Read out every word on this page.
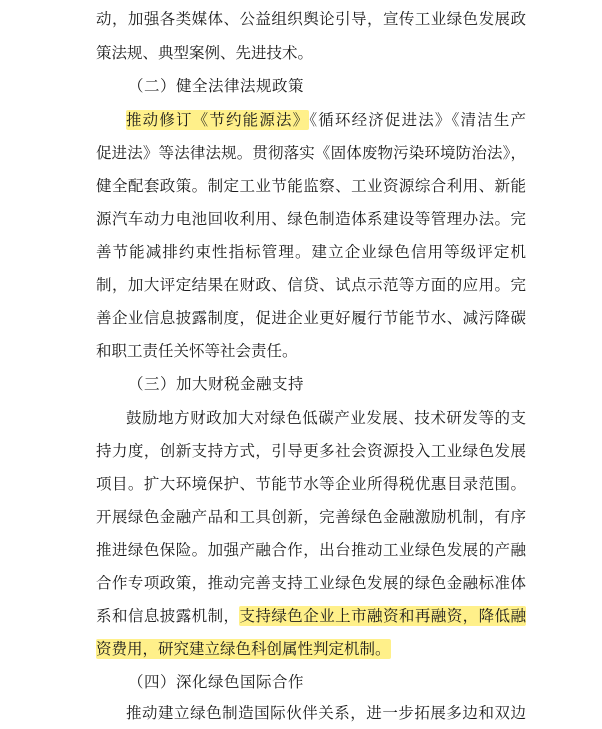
动，加强各类媒体、公益组织舆论引导，宣传工业绿色发展政
策法规、典型案例、先进技术。
（二）健全法律法规政策
推动修订《节约能源法》《循环经济促进法》《清洁生产
促进法》等法律法规。贯彻落实《固体废物污染环境防治法》，
健全配套政策。制定工业节能监察、工业资源综合利用、新能
源汽车动力电池回收利用、绿色制造体系建设等管理办法。完
善节能减排约束性指标管理。建立企业绿色信用等级评定机
制，加大评定结果在财政、信贷、试点示范等方面的应用。完
善企业信息披露制度，促进企业更好履行节能节水、减污降碳
和职工责任关怀等社会责任。
（三）加大财税金融支持
鼓励地方财政加大对绿色低碳产业发展、技术研发等的支
持力度，创新支持方式，引导更多社会资源投入工业绿色发展
项目。扩大环境保护、节能节水等企业所得税优惠目录范围。
开展绿色金融产品和工具创新，完善绿色金融激励机制，有序
推进绿色保险。加强产融合作，出台推动工业绿色发展的产融
合作专项政策，推动完善支持工业绿色发展的绿色金融标准体
系和信息披露机制，支持绿色企业上市融资和再融资，降低融
资费用，研究建立绿色科创属性判定机制。
（四）深化绿色国际合作
推动建立绿色制造国际伙伴关系，进一步拓展多边和双边
